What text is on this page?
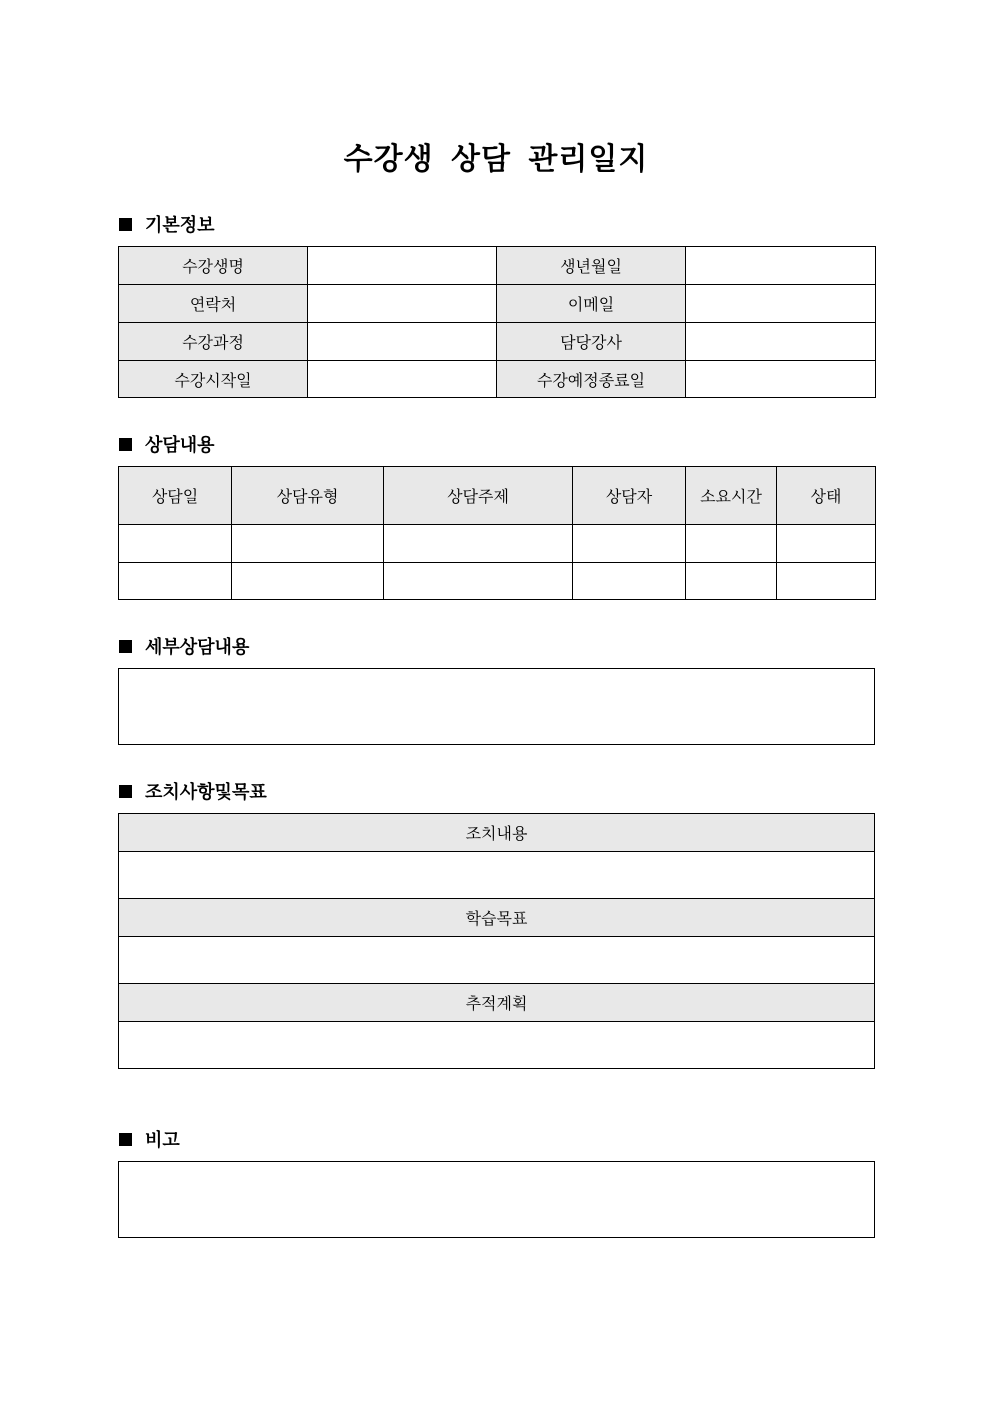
수강생 상담 관리일지
기본정보
수강생명		생년월일	
연락처		이메일	
수강과정		담당강사	
수강시작일		수강예정종료일	
상담내용
상담일	상담유형	상담주제	상담자	소요시간	상태

세부상담내용
조치사항및목표
조치내용

학습목표

추적계획

비고
